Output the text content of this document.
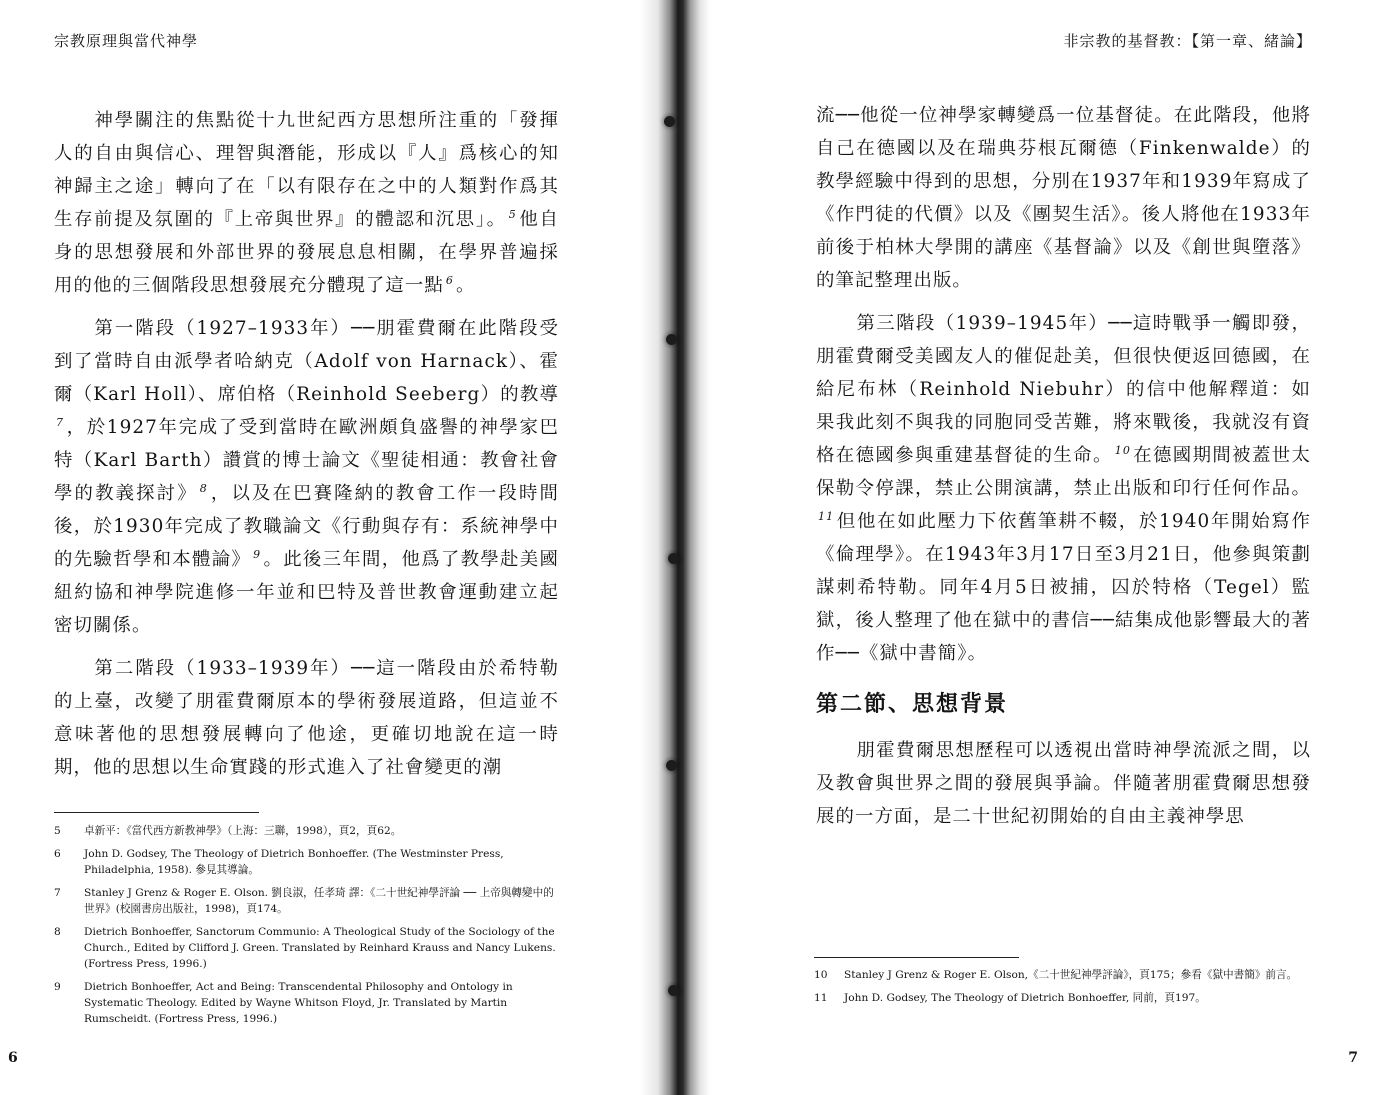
宗教原理與當代神學

神學關注的焦點從十九世紀西方思想所注重的「發揮人的自由與信心、理智與潛能，形成以『人』爲核心的知神歸主之途」轉向了在「以有限存在之中的人類對作爲其生存前提及氛圍的『上帝與世界』的體認和沉思」。 $^5$ 他自身的思想發展和外部世界的發展息息相關，在學界普遍採用的他的三個階段思想發展充分體現了這一點 $^6$ 。

第一階段（1927–1933年）──朋霍費爾在此階段受到了當時自由派學者哈納克（Adolf von Harnack）、霍爾（Karl Holl）、席伯格（Reinhold Seeberg）的教導$^7$ ，於1927年完成了受到當時在歐洲頗負盛譽的神學家巴特（Karl Barth）讚賞的博士論文《聖徒相通：教會社會學的教義探討》 $^8$ ，以及在巴賽隆納的教會工作一段時間後，於1930年完成了教職論文《行動與存有：系統神學中的先驗哲學和本體論》 $^9$ 。此後三年間，他爲了教學赴美國紐約協和神學院進修一年並和巴特及普世教會運動建立起密切關係。

第二階段（1933–1939年）──這一階段由於希特勒的上臺，改變了朋霍費爾原本的學術發展道路，但這並不意味著他的思想發展轉向了他途，更確切地說在這一時期，他的思想以生命實踐的形式進入了社會變更的潮

5	卓新平：《當代西方新教神學》（上海：三聯，1998），頁2，頁62。
6	John D. Godsey, The Theology of Dietrich Bonhoeffer. (The Westminster Press, Philadelphia, 1958). 參見其導論。
7	Stanley J Grenz & Roger E. Olson. 劉良淑，任孝琦 譯：《二十世紀神學評論 ── 上帝與轉變中的世界》(校園書房出版社，1998)，頁174。
8	Dietrich Bonhoeffer, Sanctorum Communio: A Theological Study of the Sociology of the Church., Edited by Clifford J. Green. Translated by Reinhard Krauss and Nancy Lukens. (Fortress Press, 1996.)
9	Dietrich Bonhoeffer, Act and Being: Transcendental Philosophy and Ontology in Systematic Theology. Edited by Wayne Whitson Floyd, Jr. Translated by Martin Rumscheidt. (Fortress Press, 1996.)
6
非宗教的基督教：【第一章、緒論】

流──他從一位神學家轉變爲一位基督徒。在此階段，他將自己在德國以及在瑞典芬根瓦爾德（Finkenwalde）的教學經驗中得到的思想，分別在1937年和1939年寫成了《作門徒的代價》以及《團契生活》。後人將他在1933年前後于柏林大學開的講座《基督論》以及《創世與墮落》的筆記整理出版。

第三階段（1939–1945年）──這時戰爭一觸即發，朋霍費爾受美國友人的催促赴美，但很快便返回德國，在給尼布林（Reinhold Niebuhr）的信中他解釋道：如果我此刻不與我的同胞同受苦難，將來戰後，我就沒有資格在德國參與重建基督徒的生命。 $^{10}$ 在德國期間被蓋世太保勒令停課，禁止公開演講，禁止出版和印行任何作品。$^{11}$ 但他在如此壓力下依舊筆耕不輟，於1940年開始寫作《倫理學》。在1943年3月17日至3月21日，他參與策劃謀刺希特勒。同年4月5日被捕，囚於特格（Tegel）監獄，後人整理了他在獄中的書信──結集成他影響最大的著作──《獄中書簡》。

第二節、思想背景

朋霍費爾思想歷程可以透視出當時神學流派之間，以及教會與世界之間的發展與爭論。伴隨著朋霍費爾思想發展的一方面，是二十世紀初開始的自由主義神學思

10	Stanley J Grenz & Roger E. Olson,《二十世紀神學評論》，頁175；參看《獄中書簡》前言。
11	John D. Godsey, The Theology of Dietrich Bonhoeffer, 同前，頁197。
7
